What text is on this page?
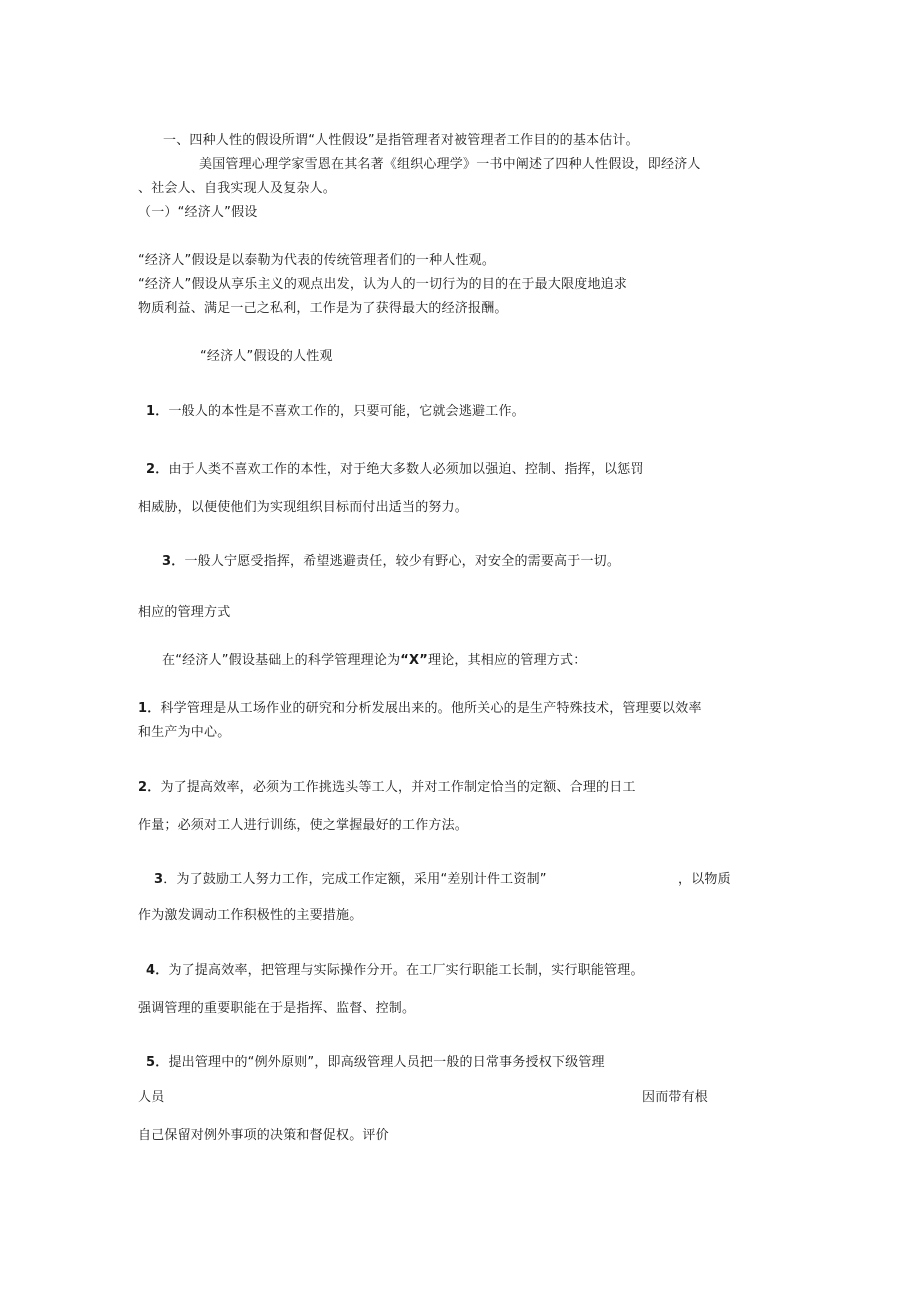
一、四种人性的假设所谓“人性假设”是指管理者对被管理者工作目的的基本估计。
美国管理心理学家雪恩在其名著《组织心理学》一书中阐述了四种人性假设，即经济人
、社会人、自我实现人及复杂人。
（一）“经济人”假设
“经济人”假设是以泰勒为代表的传统管理者们的一种人性观。
“经济人”假设从享乐主义的观点出发，认为人的一切行为的目的在于最大限度地追求
物质利益、满足一己之私利，工作是为了获得最大的经济报酬。
“经济人”假设的人性观
1．一般人的本性是不喜欢工作的，只要可能，它就会逃避工作。
2．由于人类不喜欢工作的本性，对于绝大多数人必须加以强迫、控制、指挥，以惩罚
相威胁，以便使他们为实现组织目标而付出适当的努力。
3．一般人宁愿受指挥，希望逃避责任，较少有野心，对安全的需要高于一切。
相应的管理方式
在“经济人”假设基础上的科学管理理论为“X”理论，其相应的管理方式：
1．科学管理是从工场作业的研究和分析发展出来的。他所关心的是生产特殊技术，管理要以效率
和生产为中心。
2．为了提高效率，必须为工作挑选头等工人，并对工作制定恰当的定额、合理的日工
作量；必须对工人进行训练，使之掌握最好的工作方法。
3．为了鼓励工人努力工作，完成工作定额，采用“差别计件工资制”	，以物质
作为激发调动工作积极性的主要措施。
4．为了提高效率，把管理与实际操作分开。在工厂实行职能工长制，实行职能管理。
强调管理的重要职能在于是指挥、监督、控制。
5．提出管理中的“例外原则”，即高级管理人员把一般的日常事务授权下级管理
人员	因而带有根
自己保留对例外事项的决策和督促权。评价
